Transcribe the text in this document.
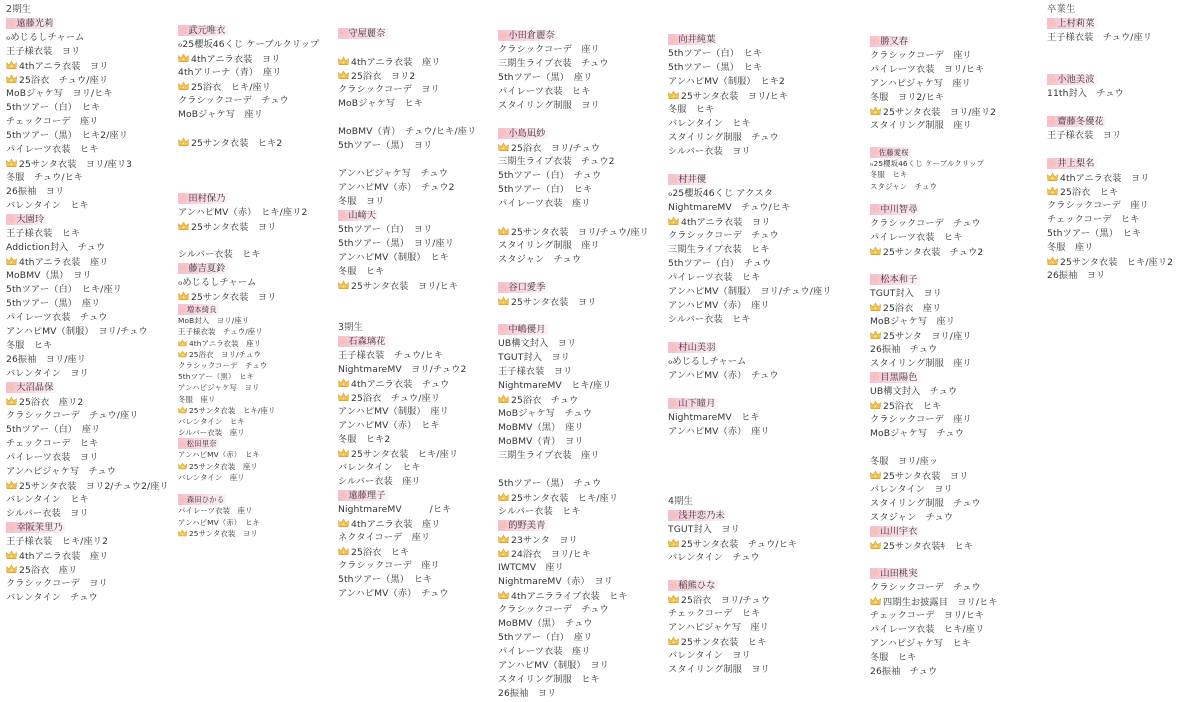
2期生
☆遠藤光莉
ℴめじるしチャーム
王子様衣装　ヨリ
4thアニラ衣装　ヨリ
25浴衣　チュウ/座リ
MoBジャケ写　ヨリ/ヒキ
5thツアー（白）　ヒキ
チェックコーデ　座リ
5thツアー（黒）　ヒキ2/座リ
パイレーツ衣装　ヒキ
25サンタ衣装　ヨリ/座リ3
冬服　チュウ/ヒキ
26振袖　ヨリ
バレンタイン　ヒキ
☆大園玲
王子様衣装　ヒキ
Addiction封入　チュウ
4thアニラ衣装　座リ
MoBMV（黒）　ヨリ
5thツアー（白）　ヒキ/座リ
5thツアー（黒）　座リ
パイレーツ衣装　チュウ
アンハピMV（制服）　ヨリ/チュウ
冬服　ヒキ
26振袖　ヨリ/座リ
バレンタイン　ヨリ
☆大沼晶保
25浴衣　座リ2
クラシックコーデ　チュウ/座リ
5thツアー（白）　座リ
チェックコーデ　ヒキ
パイレーツ衣装　ヨリ
アンハピジャケ写　チュウ
25サンタ衣装　ヨリ2/チュウ2/座リ
バレンタイン　ヒキ
シルバー衣装　ヨリ
☆幸阪茉里乃
王子様衣装　ヒキ/座リ2
4thアニラ衣装　座リ
25浴衣　座リ
クラシックコーデ　ヨリ
バレンタイン　チュウ
☆武元唯衣
ℴ25櫻坂46くじ ケーブルクリップ
4thアニラ衣装　ヨリ
4thアリーナ（青）　座リ
25浴衣　ヒキ/座リ
クラシックコーデ　チュウ
MoBジャケ写　座リ
25サンタ衣装　ヒキ2
☆田村保乃
アンハピMV（赤）　ヒキ/座リ2
25サンタ衣装　ヨリ
シルバー衣装　ヒキ
☆藤吉夏鈴
ℴめじるしチャーム
25サンタ衣装　ヨリ
☆増本綺良
MoB封入　ヨリ/座リ
王子様衣装　チュウ/座リ
4thアニラ衣装　座リ
25浴衣　ヨリ/チュウ
クラシックコーデ　チュウ
5thツアー（黒）　ヒキ
アンハピジャケ写　ヨリ
冬服　座リ
25サンタ衣装　ヒキ/座リ
バレンタイン　ヒキ
シルバー衣装　座リ
☆松田里奈
アンハピMV（赤）　ヒキ
25サンタ衣装　座リ
バレンタイン　座リ
☆森田ひかる
パイレーツ衣装　座リ
アンハピMV（赤）　ヒキ
25サンタ衣装　ヨリ
☆守屋麗奈
4thアニラ衣装　座リ
25浴衣　ヨリ2
クラシックコーデ　ヨリ
MoBジャケ写　ヒキ
MoBMV（青）　チュウ/ヒキ/座リ
5thツアー（黒）　ヨリ
アンハピジャケ写　チュウ
アンハピMV（赤）　チュウ2
冬服　ヨリ
☆山﨑天
5thツアー（白）　ヨリ
5thツアー（黒）　ヨリ/座リ
アンハピMV（制服）　ヒキ
冬服　ヒキ
25サンタ衣装　ヨリ/ヒキ
3期生
☆石森璃花
王子様衣装　チュウ/ヒキ
NightmareMV　ヨリ/チュウ2
4thアニラ衣装　チュウ
25浴衣　チュウ/座リ
アンハピMV（制服）　座リ
アンハピMV（赤）　ヒキ
冬服　ヒキ2
25サンタ衣装　ヒキ/座リ
バレンタイン　ヒキ
シルバー衣装　座リ
☆遠藤理子
NightmareMV　　　/ヒキ
4thアニラ衣装　座リ
ネクタイコーデ　座リ
25浴衣　ヒキ
クラシックコーデ　座リ
5thツアー（黒）　ヒキ
アンハピMV（赤）　チュウ
☆小田倉麗奈
クラシックコーデ　座リ
三期生ライブ衣装　チュウ
5thツアー（黒）　座リ
パイレーツ衣装　ヒキ
スタイリング制服　ヨリ
☆小島凪紗
25浴衣　ヨリ/チュウ
三期生ライブ衣装　チュウ2
5thツアー（白）　チュウ
5thツアー（白）　ヒキ
パイレーツ衣装　座リ
25サンタ衣装　ヨリ/チュウ/座リ
スタイリング制服　座リ
スタジャン　チュウ
☆谷口愛季
25サンタ衣装　ヨリ
☆中嶋優月
UB構文封入　ヨリ
TGUT封入　ヨリ
王子様衣装　ヨリ
NightmareMV　ヒキ/座リ
25浴衣　チュウ
MoBジャケ写　チュウ
MoBMV（黒）　座リ
MoBMV（青）　ヨリ
三期生ライブ衣装　座リ
5thツアー（黒）　チュウ
25サンタ衣装　ヒキ/座リ
シルバー衣装　ヒキ
☆的野美青
23サンタ　ヨリ
24浴衣　ヨリ/ヒキ
IWTCMV　座リ
NightmareMV（赤）　ヨリ
4thアニラライブ衣装　ヒキ
クラシックコーデ　チュウ
MoBMV（黒）　チュウ
5thツアー（白）　座リ
パイレーツ衣装　座リ
アンハピMV（制服）　ヨリ
スタイリング制服　ヒキ
26振袖　ヨリ
☆向井純葉
5thツアー（白）　ヒキ
5thツアー（黒）　ヒキ
アンハピMV（制服）　ヒキ2
25サンタ衣装　ヨリ/ヒキ
冬服　ヒキ
バレンタイン　ヒキ
スタイリング制服　チュウ
シルバー衣装　ヨリ
☆村井優
ℴ25櫻坂46くじ アクスタ
NightmareMV　チュウ/ヒキ
4thアニラ衣装　ヨリ
クラシックコーデ　チュウ
三期生ライブ衣装　ヒキ
5thツアー（白）　チュウ
パイレーツ衣装　ヒキ
アンハピMV（制服）　ヨリ/チュウ/座リ
アンハピMV（赤）　座リ
シルバー衣装　ヒキ
☆村山美羽
ℴめじるしチャーム
アンハピMV（赤）　チュウ
☆山下瞳月
NightmareMV　ヒキ
アンハピMV（赤）　座リ
4期生
☆浅井恋乃未
TGUT封入　ヨリ
25サンタ衣装　チュウ/ヒキ
バレンタイン　チュウ
☆稲熊ひな
25浴衣　ヨリ/チュウ
チェックコーデ　ヒキ
アンハピジャケ写　座リ
25サンタ衣装　ヒキ
バレンタイン　ヨリ
スタイリング制服　ヨリ
☆勝又春
クラシックコーデ　座リ
パイレーツ衣装　ヨリ/ヒキ
アンハピジャケ写　座リ
冬服　ヨリ2/ヒキ
25サンタ衣装　ヨリ/座リ2
スタイリング制服　座リ
☆佐藤愛桜
ℴ25櫻坂46くじ ケーブルクリップ
冬服　ヒキ
スタジャン　チュウ
☆中川智尋
クラシックコーデ　チュウ
パイレーツ衣装　ヒキ
25サンタ衣装　チュウ2
☆松本和子
TGUT封入　ヨリ
25浴衣　座リ
MoBジャケ写　座リ
25サンタ　ヨリ/座リ
26振袖　チュウ
スタイリング制服　座リ
☆目黒陽色
UB構文封入　チュウ
25浴衣　ヒキ
クラシックコーデ　座リ
MoBジャケ写　チュウ
冬服　ヨリ/座ッ
25サンタ衣装　ヨリ
バレンタイン　ヨリ
スタイリング制服　チュウ
スタジャン　チュウ
☆山川宇衣
25サンタ衣装ｷ　ヒキ
☆山田桃実
クラシックコーデ　チュウ
四期生お披露目　ヨリ/ヒキ
チェックコーデ　ヨリ/ヒキ
パイレーツ衣装　ヒキ/座リ
アンハピジャケ写　ヒキ
冬服　ヒキ
26振袖　チュウ
卒業生
☆上村莉菜
王子様衣装　チュウ/座リ
☆小池美波
11th封入　チュウ
☆齋藤冬優花
王子様衣装　ヨリ
☆井上梨名
4thアニラ衣装　ヨリ
25浴衣　ヒキ
クラシックコーデ　座リ
チェックコーデ　ヒキ
5thツアー（黒）　ヒキ
冬服　座リ
25サンタ衣装　ヒキ/座リ2
26振袖　ヨリ
